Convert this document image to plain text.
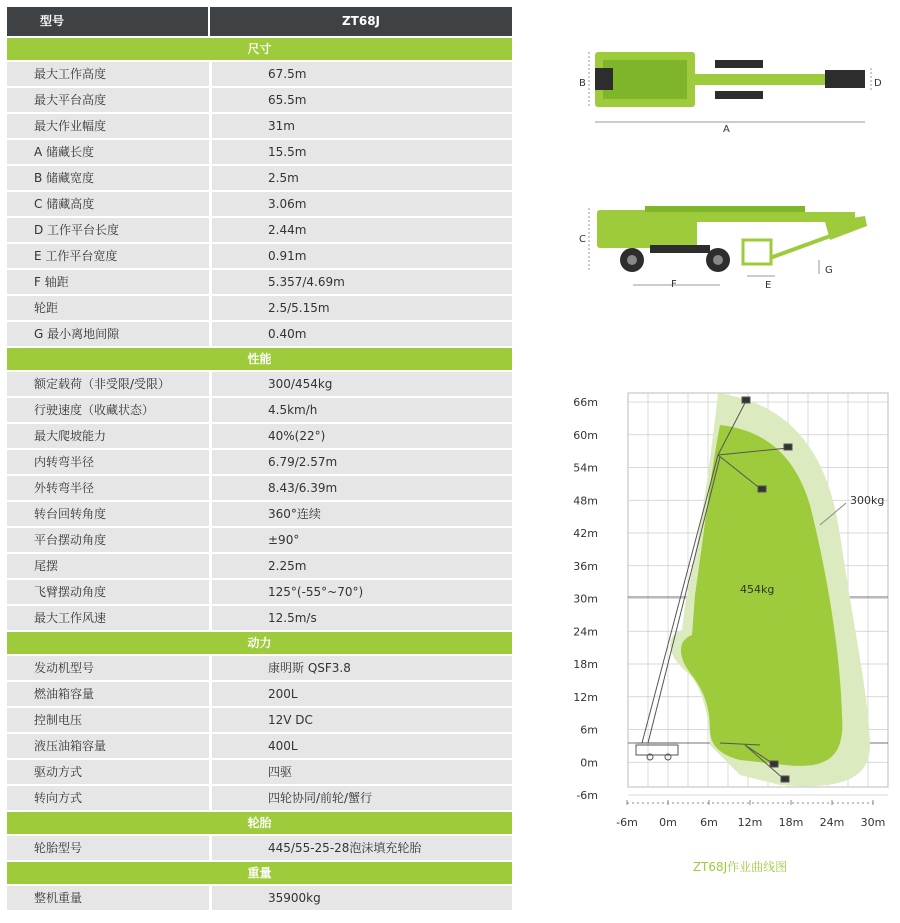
型号	ZT68J
尺寸
最大工作高度	67.5m
最大平台高度	65.5m
最大作业幅度	31m
A 储藏长度	15.5m
B 储藏宽度	2.5m
C 储藏高度	3.06m
D 工作平台长度	2.44m
E 工作平台宽度	0.91m
F 轴距	5.357/4.69m
轮距	2.5/5.15m
G 最小离地间隙	0.40m
性能
额定载荷（非受限/受限）	300/454kg
行驶速度（收藏状态）	4.5km/h
最大爬坡能力	40%(22°)
内转弯半径	6.79/2.57m
外转弯半径	8.43/6.39m
转台回转角度	360°连续
平台摆动角度	±90°
尾摆	2.25m
飞臂摆动角度	125°(-55°~70°)
最大工作风速	12.5m/s
动力
发动机型号	康明斯 QSF3.8
燃油箱容量	200L
控制电压	12V DC
液压油箱容量	400L
驱动方式	四驱
转向方式	四轮协同/前轮/蟹行
轮胎
轮胎型号	445/55-25-28泡沫填充轮胎
重量
整机重量	35900kg
B	D
A
C
F	E
G
300kg
454kg
66m
60m
54m
48m
42m
36m
30m
24m
18m
12m
6m
0m
-6m
-6m 0m 6m 12m 18m 24m 30m
ZT68J作业曲线图
